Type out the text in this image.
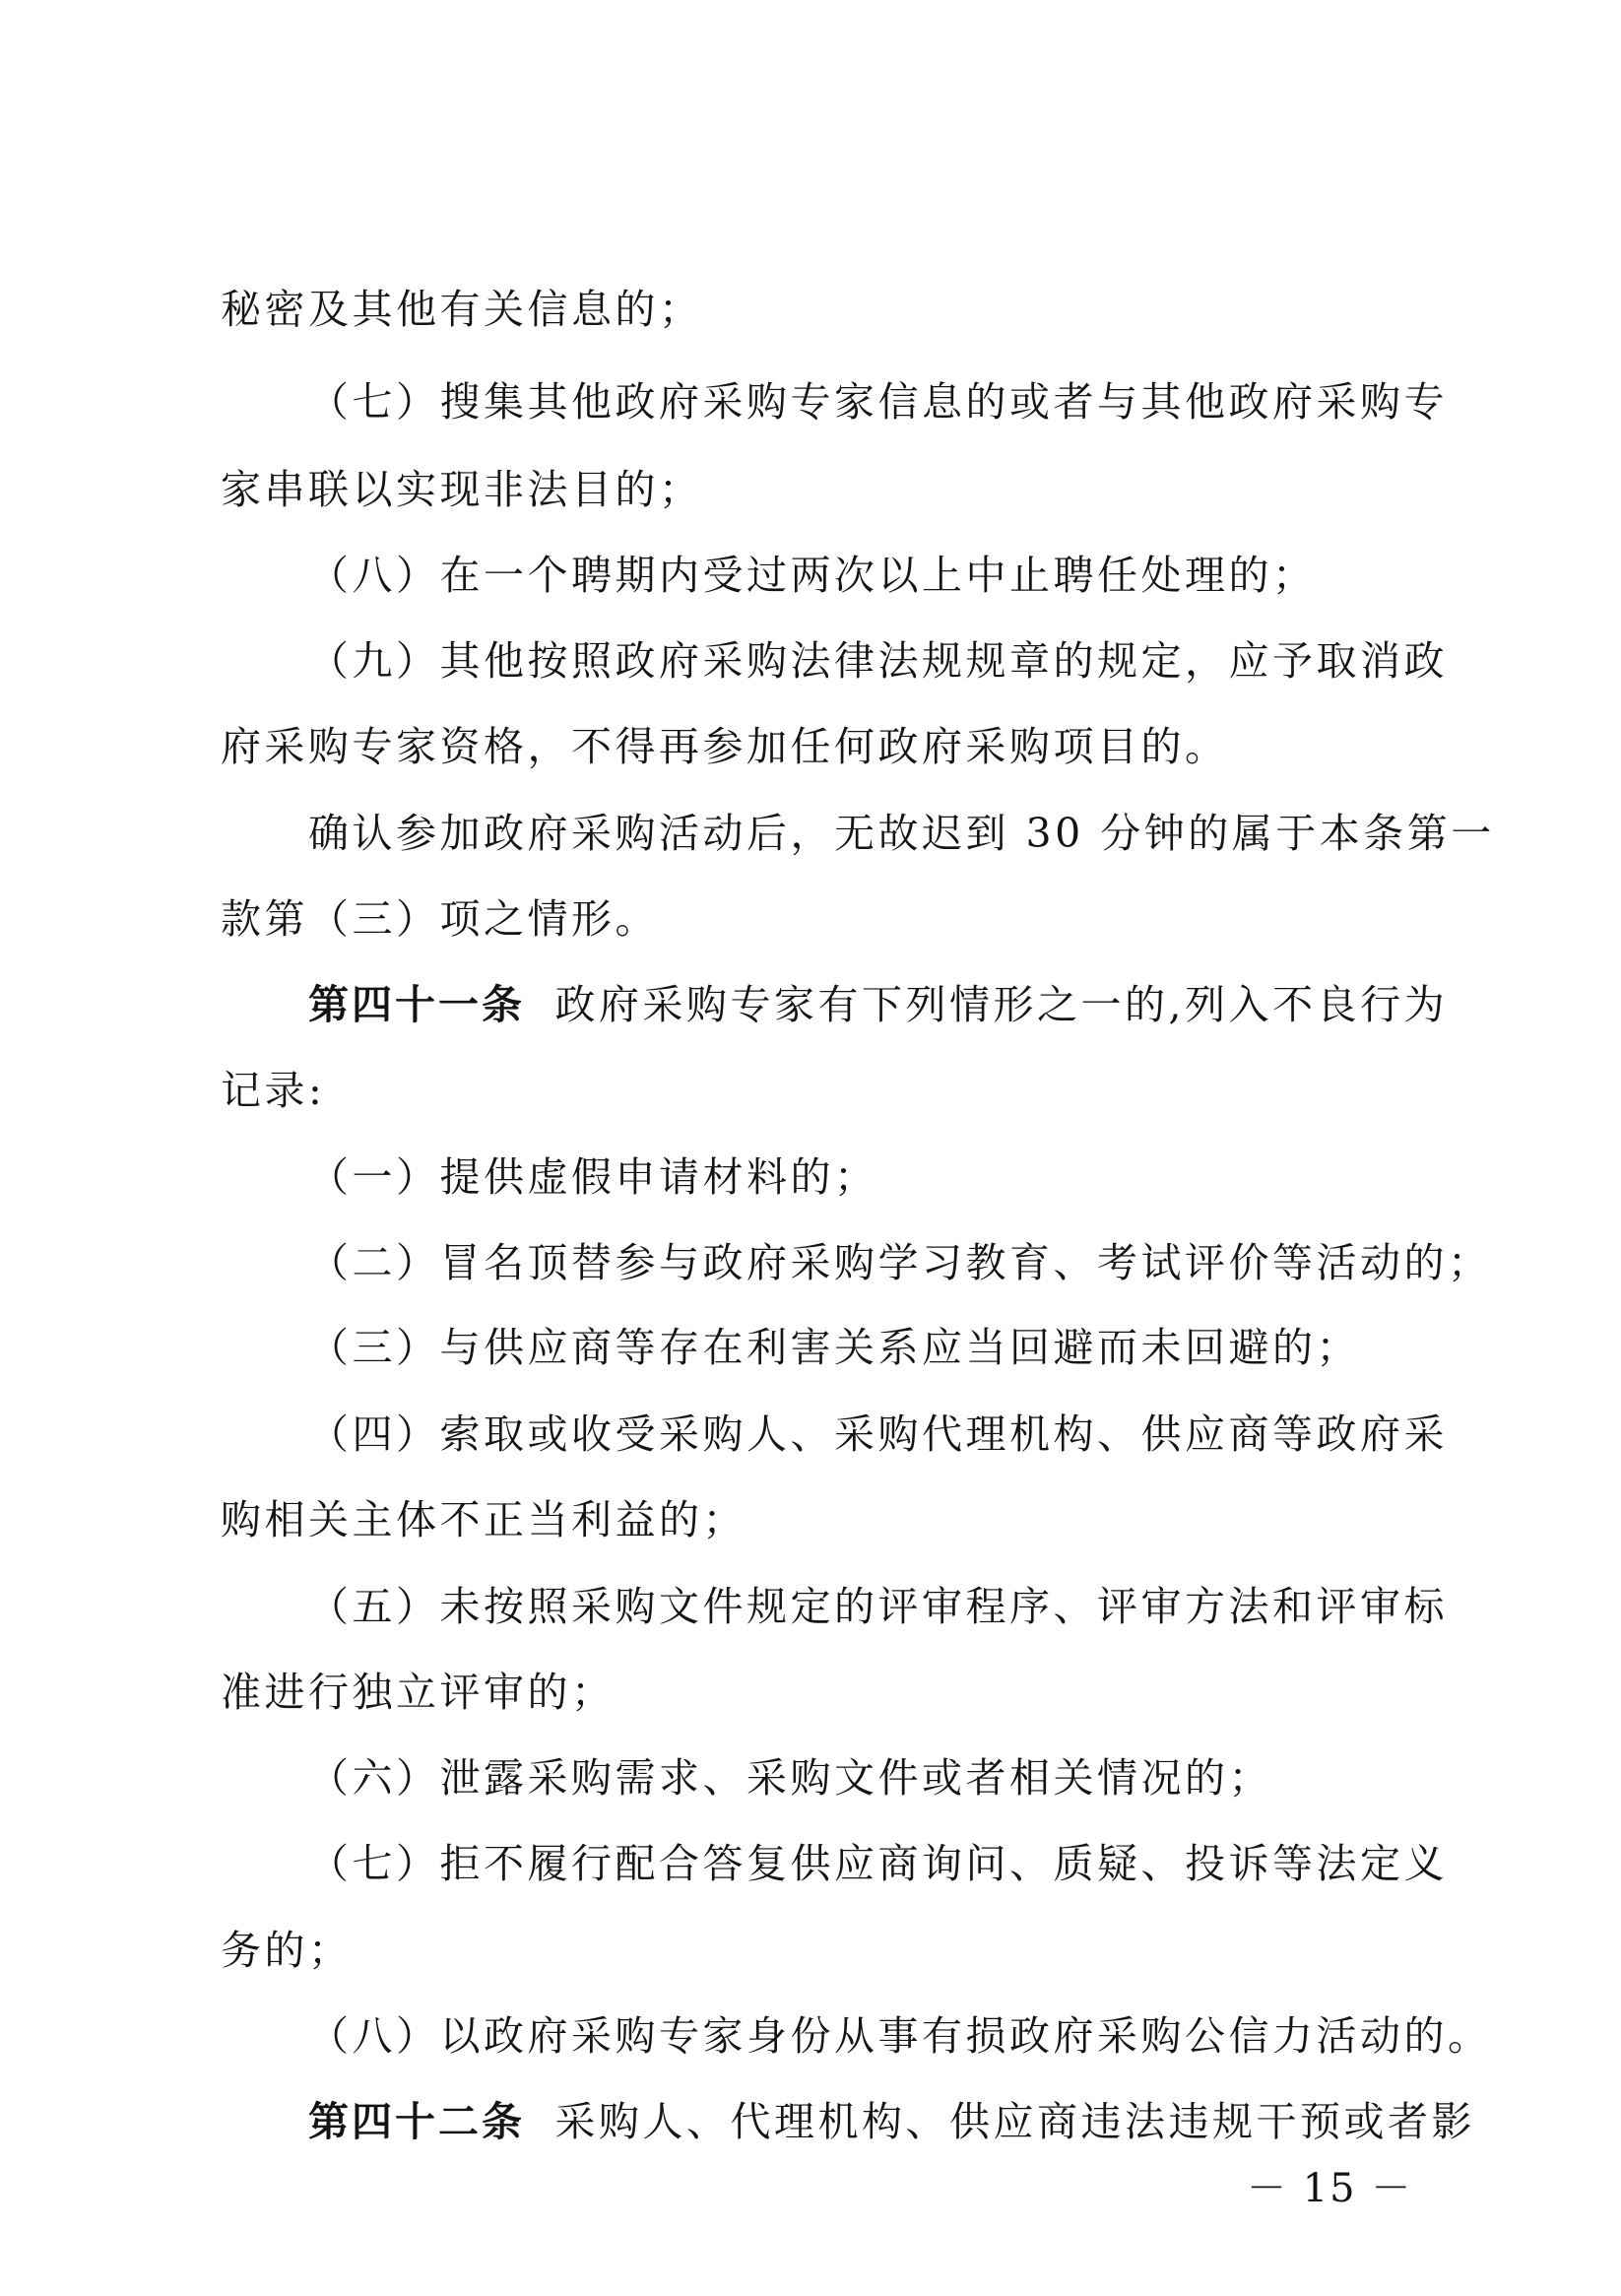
秘密及其他有关信息的；
（七）搜集其他政府采购专家信息的或者与其他政府采购专
家串联以实现非法目的；
（八）在一个聘期内受过两次以上中止聘任处理的；
（九）其他按照政府采购法律法规规章的规定，应予取消政
府采购专家资格，不得再参加任何政府采购项目的。
确认参加政府采购活动后，无故迟到 30 分钟的属于本条第一
款第（三）项之情形。
第四十一条 政府采购专家有下列情形之一的,列入不良行为
记录:
（一）提供虚假申请材料的；
（二）冒名顶替参与政府采购学习教育、考试评价等活动的；
（三）与供应商等存在利害关系应当回避而未回避的；
（四）索取或收受采购人、采购代理机构、供应商等政府采
购相关主体不正当利益的；
（五）未按照采购文件规定的评审程序、评审方法和评审标
准进行独立评审的；
（六）泄露采购需求、采购文件或者相关情况的；
（七）拒不履行配合答复供应商询问、质疑、投诉等法定义
务的；
（八）以政府采购专家身份从事有损政府采购公信力活动的。
第四十二条 采购人、代理机构、供应商违法违规干预或者影
－ 15 －
